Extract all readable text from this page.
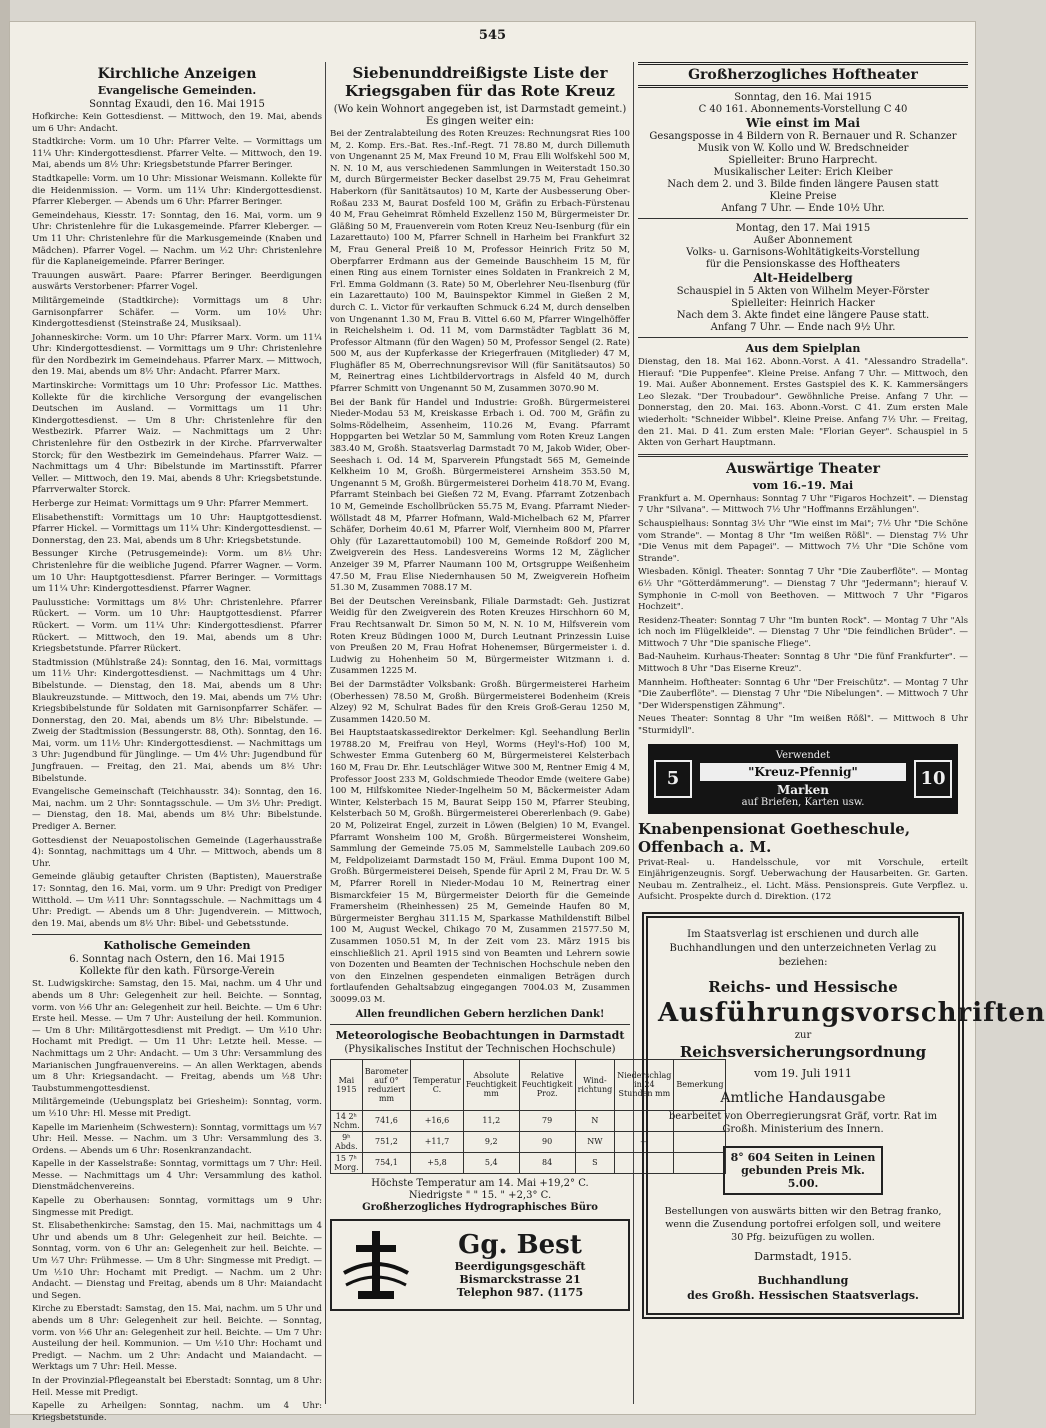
545
Kirchliche Anzeigen
Evangelische Gemeinden.
Sonntag Exaudi, den 16. Mai 1915

Hofkirche: Kein Gottesdienst. — Mittwoch, den 19. Mai, abends um 6 Uhr: Andacht.

Stadtkirche: Vorm. um 10 Uhr: Pfarrer Velte. — Vormittags um 11¼ Uhr: Kindergottesdienst. Pfarrer Velte. — Mittwoch, den 19. Mai, abends um 8½ Uhr: Kriegsbetstunde Pfarrer Beringer.

Stadtkapelle: Vorm. um 10 Uhr: Missionar Weismann. Kollekte für die Heidenmission. — Vorm. um 11¼ Uhr: Kindergottesdienst. Pfarrer Kleberger. — Abends um 6 Uhr: Pfarrer Beringer.

Gemeindehaus, Kiesstr. 17: Sonntag, den 16. Mai, vorm. um 9 Uhr: Christenlehre für die Lukasgemeinde. Pfarrer Kleberger. — Um 11 Uhr: Christenlehre für die Markusgemeinde (Knaben und Mädchen). Pfarrer Vogel. — Nachm. um ½2 Uhr: Christenlehre für die Kaplaneigemeinde. Pfarrer Beringer.

Trauungen auswärt. Paare: Pfarrer Beringer. Beerdigungen auswärts Verstorbener: Pfarrer Vogel.

Militärgemeinde (Stadtkirche): Vormittags um 8 Uhr: Garnisonpfarrer Schäfer. — Vorm. um 10½ Uhr: Kindergottesdienst (Steinstraße 24, Musiksaal).

Johanneskirche: Vorm. um 10 Uhr: Pfarrer Marx. Vorm. um 11¼ Uhr: Kindergottesdienst. — Vormittags um 9 Uhr: Christenlehre für den Nordbezirk im Gemeindehaus. Pfarrer Marx. — Mittwoch, den 19. Mai, abends um 8½ Uhr: Andacht. Pfarrer Marx.

Martinskirche: Vormittags um 10 Uhr: Professor Lic. Matthes. Kollekte für die kirchliche Versorgung der evangelischen Deutschen im Ausland. — Vormittags um 11 Uhr: Kindergottesdienst. — Um 8 Uhr: Christenlehre für den Westbezirk. Pfarrer Waiz. — Nachmittags um 2 Uhr: Christenlehre für den Ostbezirk in der Kirche. Pfarrverwalter Storck; für den Westbezirk im Gemeindehaus. Pfarrer Waiz. — Nachmittags um 4 Uhr: Bibelstunde im Martinsstift. Pfarrer Veller. — Mittwoch, den 19. Mai, abends 8 Uhr: Kriegsbetstunde. Pfarrverwalter Storck.

Herberge zur Heimat: Vormittags um 9 Uhr: Pfarrer Memmert.

Elisabethenstift: Vormittags um 10 Uhr: Hauptgottesdienst. Pfarrer Hickel. — Vormittags um 11¼ Uhr: Kindergottesdienst. — Donnerstag, den 23. Mai, abends um 8 Uhr: Kriegsbetstunde.

Bessunger Kirche (Petrusgemeinde): Vorm. um 8½ Uhr: Christenlehre für die weibliche Jugend. Pfarrer Wagner. — Vorm. um 10 Uhr: Hauptgottesdienst. Pfarrer Beringer. — Vormittags um 11¼ Uhr: Kindergottesdienst. Pfarrer Wagner.

Paulusstiche: Vormittags um 8½ Uhr: Christenlehre. Pfarrer Rückert. — Vorm. um 10 Uhr: Hauptgottesdienst. Pfarrer Rückert. — Vorm. um 11¼ Uhr: Kindergottesdienst. Pfarrer Rückert. — Mittwoch, den 19. Mai, abends um 8 Uhr: Kriegsbetstunde. Pfarrer Rückert.

Stadtmission (Mühlstraße 24): Sonntag, den 16. Mai, vormittags um 11½ Uhr: Kindergottesdienst. — Nachmittags um 4 Uhr: Bibelstunde. — Dienstag, den 18. Mai, abends um 8 Uhr: Blaukreuzstunde. — Mittwoch, den 19. Mai, abends um 7½ Uhr: Kriegsbibelstunde für Soldaten mit Garnisonpfarrer Schäfer. — Donnerstag, den 20. Mai, abends um 8½ Uhr: Bibelstunde. — Zweig der Stadtmission (Bessungerstr. 88, Oth). Sonntag, den 16. Mai, vorm. um 11½ Uhr: Kindergottesdienst. — Nachmittags um 3 Uhr: Jugendbund für Jünglinge. — Um 4½ Uhr: Jugendbund für Jungfrauen. — Freitag, den 21. Mai, abends um 8½ Uhr: Bibelstunde.

Evangelische Gemeinschaft (Teichhausstr. 34): Sonntag, den 16. Mai, nachm. um 2 Uhr: Sonntagsschule. — Um 3½ Uhr: Predigt. — Dienstag, den 18. Mai, abends um 8½ Uhr: Bibelstunde. Prediger A. Berner.

Gottesdienst der Neuapostolischen Gemeinde (Lagerhausstraße 4): Sonntag, nachmittags um 4 Uhr. — Mittwoch, abends um 8 Uhr.

Gemeinde gläubig getaufter Christen (Baptisten), Mauerstraße 17: Sonntag, den 16. Mai, vorm. um 9 Uhr: Predigt von Prediger Witthold. — Um ½11 Uhr: Sonntagsschule. — Nachmittags um 4 Uhr: Predigt. — Abends um 8 Uhr: Jugendverein. — Mittwoch, den 19. Mai, abends um 8½ Uhr: Bibel- und Gebetsstunde.

Katholische Gemeinden
6. Sonntag nach Ostern, den 16. Mai 1915
Kollekte für den kath. Fürsorge-Verein

St. Ludwigskirche: Samstag, den 15. Mai, nachm. um 4 Uhr und abends um 8 Uhr: Gelegenheit zur heil. Beichte. — Sonntag, vorm. von ½6 Uhr an: Gelegenheit zur heil. Beichte. — Um 6 Uhr: Erste heil. Messe. — Um 7 Uhr: Austeilung der heil. Kommunion. — Um 8 Uhr: Militärgottesdienst mit Predigt. — Um ½10 Uhr: Hochamt mit Predigt. — Um 11 Uhr: Letzte heil. Messe. — Nachmittags um 2 Uhr: Andacht. — Um 3 Uhr: Versammlung des Marianischen Jungfrauenvereins. — An allen Werktagen, abends um 8 Uhr: Kriegsandacht. — Freitag, abends um ½8 Uhr: Taubstummengottesdienst.

Militärgemeinde (Uebungsplatz bei Griesheim): Sonntag, vorm. um ½10 Uhr: Hl. Messe mit Predigt.

Kapelle im Marienheim (Schwestern): Sonntag, vormittags um ½7 Uhr: Heil. Messe. — Nachm. um 3 Uhr: Versammlung des 3. Ordens. — Abends um 6 Uhr: Rosenkranzandacht.

Kapelle in der Kasselstraße: Sonntag, vormittags um 7 Uhr: Heil. Messe. — Nachmittags um 4 Uhr: Versammlung des kathol. Dienstmädchenvereins.

Kapelle zu Oberhausen: Sonntag, vormittags um 9 Uhr: Singmesse mit Predigt.

St. Elisabethenkirche: Samstag, den 15. Mai, nachmittags um 4 Uhr und abends um 8 Uhr: Gelegenheit zur heil. Beichte. — Sonntag, vorm. von 6 Uhr an: Gelegenheit zur heil. Beichte. — Um ½7 Uhr: Frühmesse. — Um 8 Uhr: Singmesse mit Predigt. — Um ½10 Uhr: Hochamt mit Predigt. — Nachm. um 2 Uhr: Andacht. — Dienstag und Freitag, abends um 8 Uhr: Maiandacht und Segen.

Kirche zu Eberstadt: Samstag, den 15. Mai, nachm. um 5 Uhr und abends um 8 Uhr: Gelegenheit zur heil. Beichte. — Sonntag, vorm. von ½6 Uhr an: Gelegenheit zur heil. Beichte. — Um 7 Uhr: Austeilung der heil. Kommunion. — Um ½10 Uhr: Hochamt und Predigt. — Nachm. um 2 Uhr: Andacht und Maiandacht. — Werktags um 7 Uhr: Heil. Messe.

In der Provinzial-Pflegeanstalt bei Eberstadt: Sonntag, um 8 Uhr: Heil. Messe mit Predigt.

Kapelle zu Arheilgen: Sonntag, nachm. um 4 Uhr: Kriegsbetstunde.

Siebenunddreißigste Liste der Kriegsgaben für das Rote Kreuz
(Wo kein Wohnort angegeben ist, ist Darmstadt gemeint.)
Es gingen weiter ein:

Bei der Zentralabteilung des Roten Kreuzes: Rechnungsrat Ries 100 M, 2. Komp. Ers.-Bat. Res.-Inf.-Regt. 71 78.80 M, durch Dillemuth von Ungenannt 25 M, Max Freund 10 M, Frau Elli Wolfskehl 500 M, N. N. 10 M, aus verschiedenen Sammlungen in Weiterstadt 150.30 M, durch Bürgermeister Becker daselbst 29.75 M, Frau Geheimrat Haberkorn (für Sanitätsautos) 10 M, Karte der Ausbesserung Ober-Roßau 233 M, Baurat Dosfeld 100 M, Gräfin zu Erbach-Fürstenau 40 M, Frau Geheimrat Römheld Exzellenz 150 M, Bürgermeister Dr. Gläßing 50 M, Frauenverein vom Roten Kreuz Neu-Isenburg (für ein Lazarettauto) 100 M, Pfarrer Schnell in Harheim bei Frankfurt 32 M, Frau General Preiß 10 M, Professor Heinrich Fritz 50 M, Oberpfarrer Erdmann aus der Gemeinde Bauschheim 15 M, für einen Ring aus einem Tornister eines Soldaten in Frankreich 2 M, Frl. Emma Goldmann (3. Rate) 50 M, Oberlehrer Neu-Ilsenburg (für ein Lazarettauto) 100 M, Bauinspektor Kimmel in Gießen 2 M, durch C. L. Victor für verkauften Schmuck 6.24 M, durch denselben von Ungenannt 1.30 M, Frau B. Vittel 6.60 M, Pfarrer Wingelhöffer in Reichelsheim i. Od. 11 M, vom Darmstädter Tagblatt 36 M, Professor Altmann (für den Wagen) 50 M, Professor Sengel (2. Rate) 500 M, aus der Kupferkasse der Kriegerfrauen (Mitglieder) 47 M, Flughäfler 85 M, Oberrechnungsrevisor Will (für Sanitätsautos) 50 M, Reinertrag eines Lichtbildervortrags in Alsfeld 40 M, durch Pfarrer Schmitt von Ungenannt 50 M, Zusammen 3070.90 M.

Bei der Bank für Handel und Industrie: Großh. Bürgermeisterei Nieder-Modau 53 M, Kreiskasse Erbach i. Od. 700 M, Gräfin zu Solms-Rödelheim, Assenheim, 110.26 M, Evang. Pfarramt Hoppgarten bei Wetzlar 50 M, Sammlung vom Roten Kreuz Langen 383.40 M, Großh. Staatsverlag Darmstadt 70 M, Jakob Wider, Ober-Seeshach i. Od. 14 M, Sparverein Pfungstadt 565 M, Gemeinde Kelkheim 10 M, Großh. Bürgermeisterei Arnsheim 353.50 M, Ungenannt 5 M, Großh. Bürgermeisterei Dorheim 418.70 M, Evang. Pfarramt Steinbach bei Gießen 72 M, Evang. Pfarramt Zotzenbach 10 M, Gemeinde Eschollbrücken 55.75 M, Evang. Pfarramt Nieder-Wöllstadt 48 M, Pfarrer Hofmann, Wald-Michelbach 62 M, Pfarrer Schäfer, Dorheim 40.61 M, Pfarrer Wolf, Viernheim 800 M, Pfarrer Ohly (für Lazarettautomobil) 100 M, Gemeinde Roßdorf 200 M, Zweigverein des Hess. Landesvereins Worms 12 M, Zäglicher Anzeiger 39 M, Pfarrer Naumann 100 M, Ortsgruppe Weißenheim 47.50 M, Frau Elise Niedernhausen 50 M, Zweigverein Hofheim 51.30 M, Zusammen 7088.17 M.

Bei der Deutschen Vereinsbank, Filiale Darmstadt: Geh. Justizrat Weidig für den Zweigverein des Roten Kreuzes Hirschhorn 60 M, Frau Rechtsanwalt Dr. Simon 50 M, N. N. 10 M, Hilfsverein vom Roten Kreuz Büdingen 1000 M, Durch Leutnant Prinzessin Luise von Preußen 20 M, Frau Hofrat Hohenemser, Bürgermeister i. d. Ludwig zu Hohenheim 50 M, Bürgermeister Witzmann i. d. Zusammen 1225 M.

Bei der Darmstädter Volksbank: Großh. Bürgermeisterei Harheim (Oberhessen) 78.50 M, Großh. Bürgermeisterei Bodenheim (Kreis Alzey) 92 M, Schulrat Bades für den Kreis Groß-Gerau 1250 M, Zusammen 1420.50 M.

Bei Hauptstaatskassedirektor Derkelmer: Kgl. Seehandlung Berlin 19788.20 M, Freifrau von Heyl, Worms (Heyl's-Hof) 100 M, Schwester Emma Gutenberg 60 M, Bürgermeisterei Kelsterbach 160 M, Frau Dr. Ehr. Leutschläger Witwe 300 M, Rentner Emig 4 M, Professor Joost 233 M, Goldschmiede Theodor Emde (weitere Gabe) 100 M, Hilfskomitee Nieder-Ingelheim 50 M, Bäckermeister Adam Winter, Kelsterbach 15 M, Baurat Seipp 150 M, Pfarrer Steubing, Kelsterbach 50 M, Großh. Bürgermeisterei Obererlenbach (9. Gabe) 20 M, Polizeirat Engel, zurzeit in Löwen (Belgien) 10 M, Evangel. Pfarramt Wonsheim 100 M, Großh. Bürgermeisterei Wonsheim, Sammlung der Gemeinde 75.05 M, Sammelstelle Laubach 209.60 M, Feldpolizeiamt Darmstadt 150 M, Fräul. Emma Dupont 100 M, Großh. Bürgermeisterei Deiseh, Spende für April 2 M, Frau Dr. W. 5 M, Pfarrer Rorell in Nieder-Modau 10 M, Reinertrag einer Bismarckfeier 15 M, Bürgermeister Deiorth für die Gemeinde Framersheim (Rheinhessen) 25 M, Gemeinde Haufen 80 M, Bürgermeister Berghau 311.15 M, Sparkasse Mathildenstift Bilbel 100 M, August Weckel, Chikago 70 M, Zusammen 21577.50 M, Zusammen 1050.51 M, In der Zeit vom 23. März 1915 bis einschließlich 21. April 1915 sind von Beamten und Lehrern sowie von Dozenten und Beamten der Technischen Hochschule neben den von den Einzelnen gespendeten einmaligen Beträgen durch fortlaufenden Gehaltsabzug eingegangen 7004.03 M, Zusammen 30099.03 M.

Allen freundlichen Gebern herzlichen Dank!
Meteorologische Beobachtungen in Darmstadt
(Physikalisches Institut der Technischen Hochschule)
Mai 1915	Barometer auf 0° reduziert mm	Temperatur C.	Absolute Feuchtigkeit mm	Relative Feuchtigkeit Proz.	Wind-richtung	Niederschlag in 24 Stunden mm	Bemerkung
14 2ʰ Nchm.	741,6	+16,6	11,2	79	N		
9ʰ Abds.	751,2	+11,7	9,2	90	NW	—	
15 7ʰ Morg.	754,1	+5,8	5,4	84	S		
Höchste Temperatur am 14. Mai +19,2° C.
Niedrigste " " 15. " +2,3° C.
Großherzogliches Hydrographisches Büro
Gg. Best
Beerdigungsgeschäft
Bismarckstrasse 21
Telephon 987. (1175
Großherzogliches Hoftheater
Sonntag, den 16. Mai 1915
C 40 161. Abonnements-Vorstellung C 40
Wie einst im Mai
Gesangsposse in 4 Bildern von R. Bernauer und R. Schanzer
Musik von W. Kollo und W. Bredschneider
Spielleiter: Bruno Harprecht.
Musikalischer Leiter: Erich Kleiber
Nach dem 2. und 3. Bilde finden längere Pausen statt
Kleine Preise
Anfang 7 Uhr. — Ende 10½ Uhr.
Montag, den 17. Mai 1915
Außer Abonnement
Volks- u. Garnisons-Wohltätigkeits-Vorstellung
für die Pensionskasse des Hoftheaters
Alt-Heidelberg
Schauspiel in 5 Akten von Wilhelm Meyer-Förster
Spielleiter: Heinrich Hacker
Nach dem 3. Akte findet eine längere Pause statt.
Anfang 7 Uhr. — Ende nach 9½ Uhr.
Aus dem Spielplan

Dienstag, den 18. Mai 162. Abonn.-Vorst. A 41. "Alessandro Stradella". Hierauf: "Die Puppenfee". Kleine Preise. Anfang 7 Uhr. — Mittwoch, den 19. Mai. Außer Abonnement. Erstes Gastspiel des K. K. Kammersängers Leo Slezak. "Der Troubadour". Gewöhnliche Preise. Anfang 7 Uhr. — Donnerstag, den 20. Mai. 163. Abonn.-Vorst. C 41. Zum ersten Male wiederholt: "Schneider Wibbel". Kleine Preise. Anfang 7½ Uhr. — Freitag, den 21. Mai. D 41. Zum ersten Male: "Florian Geyer". Schauspiel in 5 Akten von Gerhart Hauptmann.

Auswärtige Theater
vom 16.–19. Mai

Frankfurt a. M. Opernhaus: Sonntag 7 Uhr "Figaros Hochzeit". — Dienstag 7 Uhr "Silvana". — Mittwoch 7½ Uhr "Hoffmanns Erzählungen".

Schauspielhaus: Sonntag 3½ Uhr "Wie einst im Mai"; 7½ Uhr "Die Schöne vom Strande". — Montag 8 Uhr "Im weißen Rößl". — Dienstag 7½ Uhr "Die Venus mit dem Papagei". — Mittwoch 7½ Uhr "Die Schöne vom Strande".

Wiesbaden. Königl. Theater: Sonntag 7 Uhr "Die Zauberflöte". — Montag 6½ Uhr "Götterdämmerung". — Dienstag 7 Uhr "Jedermann"; hierauf V. Symphonie in C-moll von Beethoven. — Mittwoch 7 Uhr "Figaros Hochzeit".

Residenz-Theater: Sonntag 7 Uhr "Im bunten Rock". — Montag 7 Uhr "Als ich noch im Flügelkleide". — Dienstag 7 Uhr "Die feindlichen Brüder". — Mittwoch 7 Uhr "Die spanische Fliege".

Bad-Nauheim. Kurhaus-Theater: Sonntag 8 Uhr "Die fünf Frankfurter". — Mittwoch 8 Uhr "Das Eiserne Kreuz".

Mannheim. Hoftheater: Sonntag 6 Uhr "Der Freischütz". — Montag 7 Uhr "Die Zauberflöte". — Dienstag 7 Uhr "Die Nibelungen". — Mittwoch 7 Uhr "Der Widerspenstigen Zähmung".

Neues Theater: Sonntag 8 Uhr "Im weißen Rößl". — Mittwoch 8 Uhr "Sturmidyll".

5
Verwendet
"Kreuz-Pfennig"
Marken
auf Briefen, Karten usw.
10
Knabenpensionat Goetheschule, Offenbach a. M.

Privat-Real- u. Handelsschule, vor mit Vorschule, erteilt Einjährigenzeugnis. Sorgf. Ueberwachung der Hausarbeiten. Gr. Garten. Neubau m. Zentralheiz., el. Licht. Mäss. Pensionspreis. Gute Verpflez. u. Aufsicht. Prospekte durch d. Direktion. (172

Im Staatsverlag ist erschienen und durch alle Buchhandlungen und den unterzeichneten Verlag zu beziehen:
Reichs- und Hessische
Ausführungsvorschriften
zur
Reichsversicherungsordnung
vom 19. Juli 1911
Amtliche Handausgabe
bearbeitet von Oberregierungsrat Gräf, vortr. Rat im Großh. Ministerium des Innern.
8° 604 Seiten in Leinen gebunden Preis Mk. 5.00.
Bestellungen von auswärts bitten wir den Betrag franko, wenn die Zusendung portofrei erfolgen soll, und weitere 30 Pfg. beizufügen zu wollen.
Darmstadt, 1915.
Buchhandlung
des Großh. Hessischen Staatsverlags.
